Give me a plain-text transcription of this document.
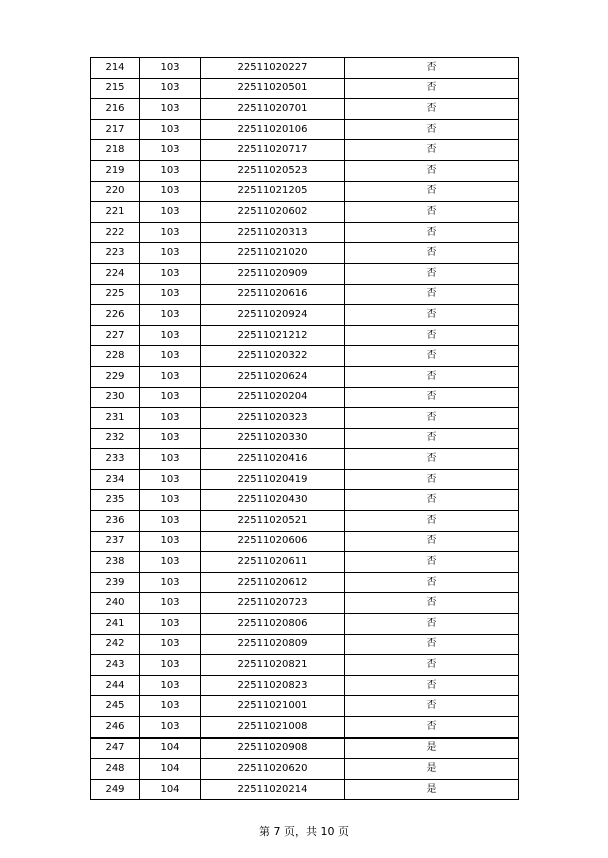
214	103	22511020227	否
215	103	22511020501	否
216	103	22511020701	否
217	103	22511020106	否
218	103	22511020717	否
219	103	22511020523	否
220	103	22511021205	否
221	103	22511020602	否
222	103	22511020313	否
223	103	22511021020	否
224	103	22511020909	否
225	103	22511020616	否
226	103	22511020924	否
227	103	22511021212	否
228	103	22511020322	否
229	103	22511020624	否
230	103	22511020204	否
231	103	22511020323	否
232	103	22511020330	否
233	103	22511020416	否
234	103	22511020419	否
235	103	22511020430	否
236	103	22511020521	否
237	103	22511020606	否
238	103	22511020611	否
239	103	22511020612	否
240	103	22511020723	否
241	103	22511020806	否
242	103	22511020809	否
243	103	22511020821	否
244	103	22511020823	否
245	103	22511021001	否
246	103	22511021008	否
247	104	22511020908	是
248	104	22511020620	是
249	104	22511020214	是
第 7 页，共 10 页
